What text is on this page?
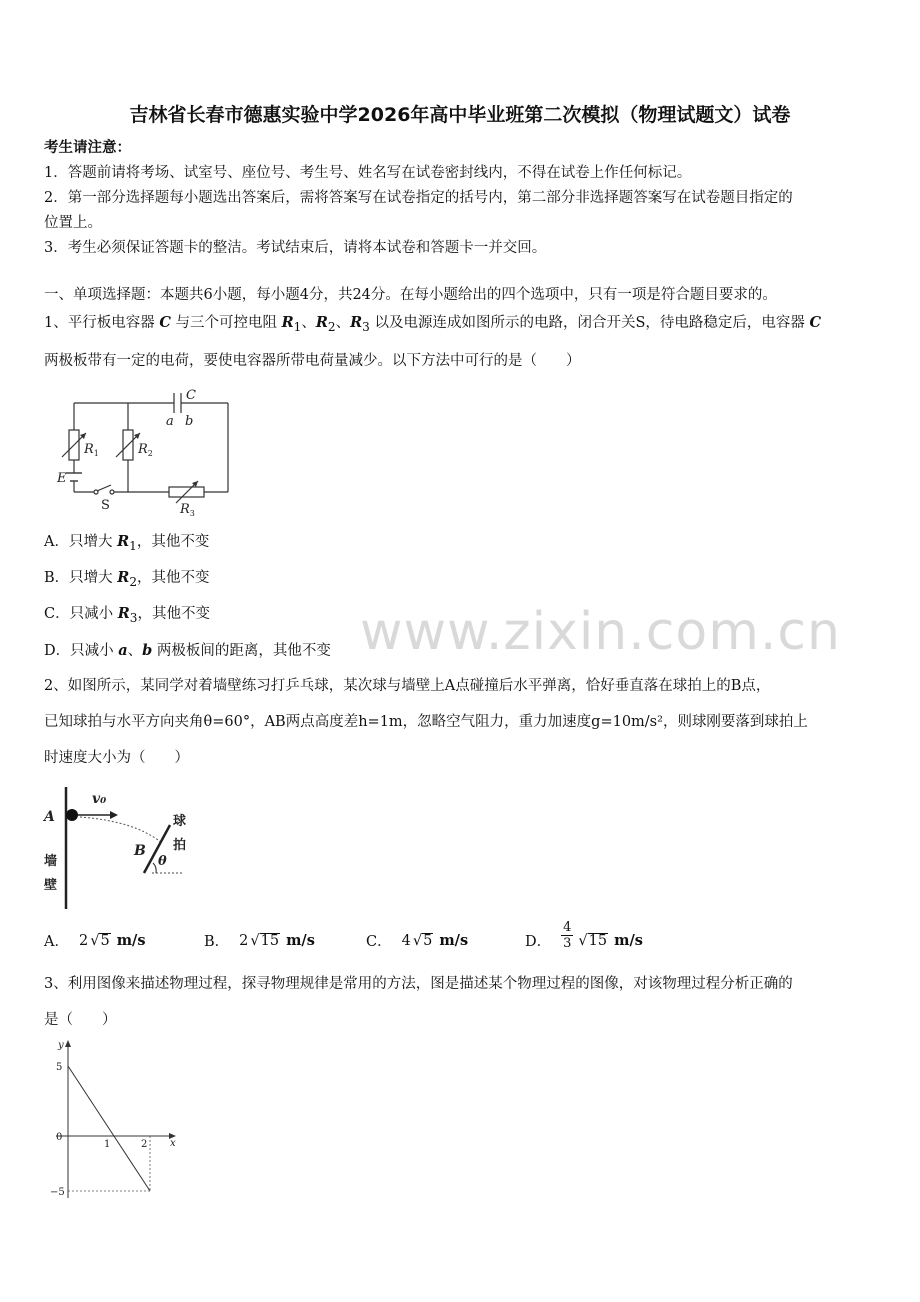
吉林省长春市德惠实验中学2026年高中毕业班第二次模拟（物理试题文）试卷
考生请注意：
1．答题前请将考场、试室号、座位号、考生号、姓名写在试卷密封线内，不得在试卷上作任何标记。
2．第一部分选择题每小题选出答案后，需将答案写在试卷指定的括号内，第二部分非选择题答案写在试卷题目指定的
位置上。
3．考生必须保证答题卡的整洁。考试结束后，请将本试卷和答题卡一并交回。
一、单项选择题：本题共6小题，每小题4分，共24分。在每小题给出的四个选项中，只有一项是符合题目要求的。
1、平行板电容器 C 与三个可控电阻 $R_1$、$R_2$、$R_3$ 以及电源连成如图所示的电路，闭合开关S，待电路稳定后，电容器 C
两极板带有一定的电荷，要使电容器所带电荷量减少。以下方法中可行的是（　　）
C
a b
$R_1$	$R_2$
$R_3$
E
S
A．只增大 $R_1$，其他不变
B．只增大 $R_2$，其他不变
C．只减小 $R_3$，其他不变
D．只减小 a、b 两极板间的距离，其他不变 www.zixin.com.cn
2、如图所示，某同学对着墙壁练习打乒乓球，某次球与墙壁上A点碰撞后水平弹离，恰好垂直落在球拍上的B点，
已知球拍与水平方向夹角θ=60°，AB两点高度差h=1m，忽略空气阻力，重力加速度g=10m/s²，则球刚要落到球拍上
时速度大小为（　　）
A
v₀
B
θ
墙
壁
球
拍
A． 2 √ 5 m/s	B． 2 √ 15 m/s	C． 4 √ 5 m/s	D． $\frac{4}{3}$ √ 15 m/s
3、利用图像来描述物理过程，探寻物理规律是常用的方法，图是描述某个物理过程的图像，对该物理过程分析正确的
是（　　）
y
x
5
0
1	2
−5
